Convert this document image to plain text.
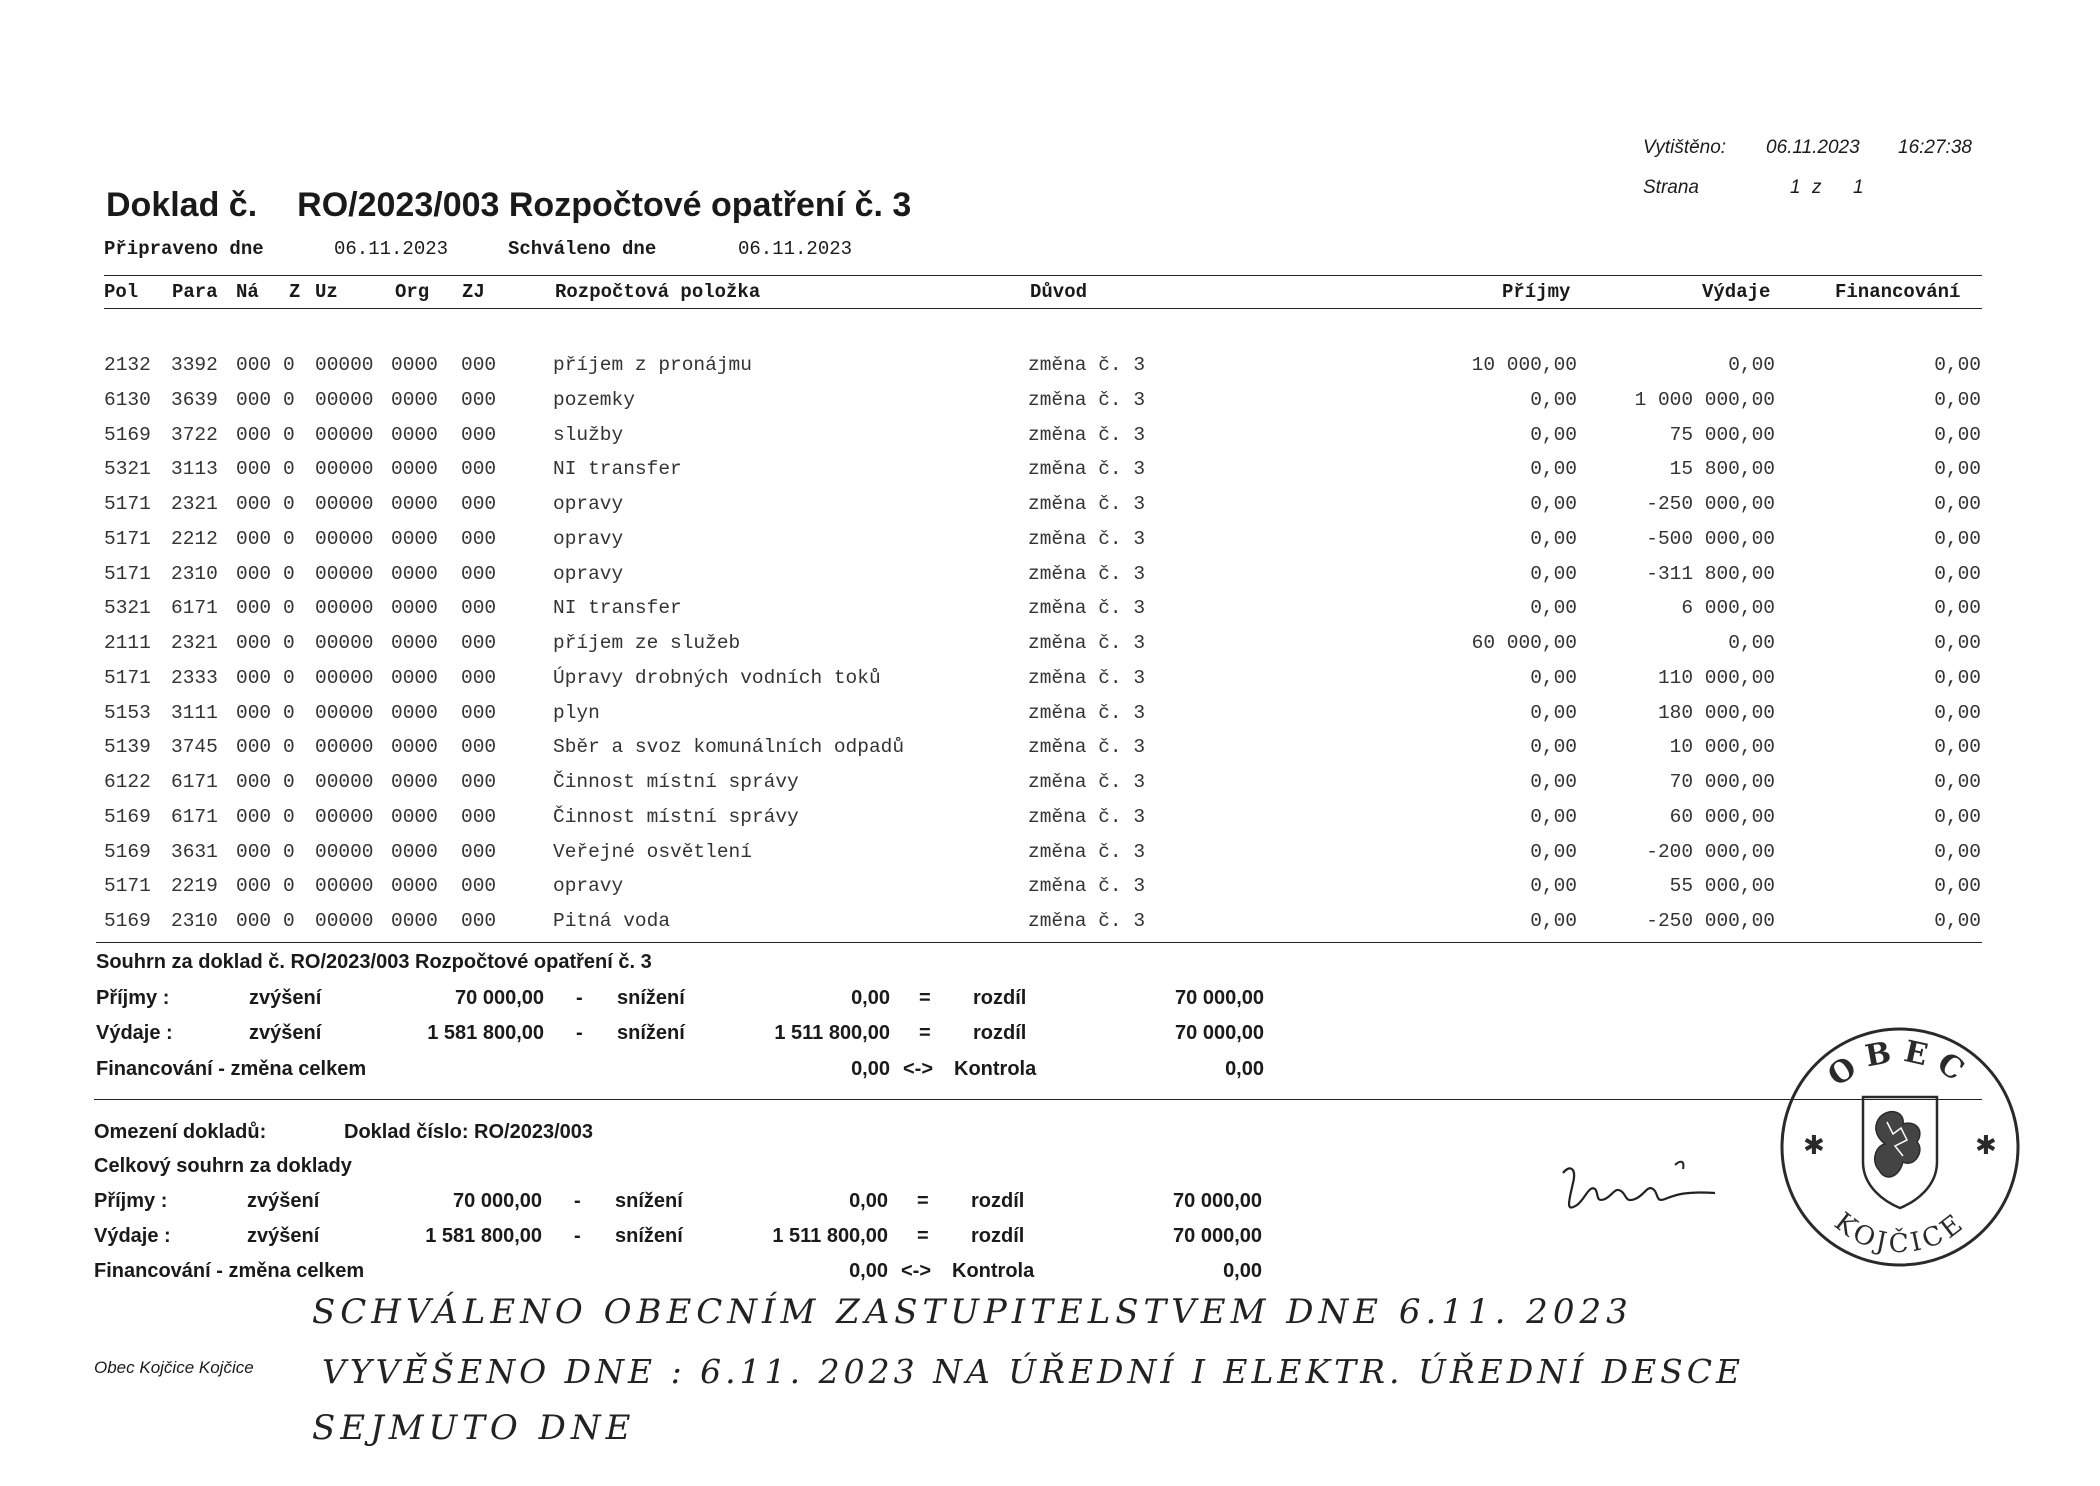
Vytištěno: 06.11.2023 16:27:38
Strana	1 z 1
Doklad č. RO/2023/003 Rozpočtové opatření č. 3
Připraveno dne	06.11.2023	Schváleno dne	06.11.2023
Pol Para Ná Z Uz	Org ZJ	Rozpočtová položka	Důvod	Příjmy	Výdaje	Financování
2132 3392 000 0 00000 0000 000	příjem z pronájmu	změna č. 3	10 000,00	0,00	0,00
6130 3639 000 0 00000 0000 000	pozemky	změna č. 3	0,00	1 000 000,00	0,00
5169 3722 000 0 00000 0000 000	služby	změna č. 3	0,00	75 000,00	0,00
5321 3113 000 0 00000 0000 000	NI transfer	změna č. 3	0,00	15 800,00	0,00
5171 2321 000 0 00000 0000 000	opravy	změna č. 3	0,00	-250 000,00	0,00
5171 2212 000 0 00000 0000 000	opravy	změna č. 3	0,00	-500 000,00	0,00
5171 2310 000 0 00000 0000 000	opravy	změna č. 3	0,00	-311 800,00	0,00
5321 6171 000 0 00000 0000 000	NI transfer	změna č. 3	0,00	6 000,00	0,00
2111 2321 000 0 00000 0000 000	příjem ze služeb	změna č. 3	60 000,00	0,00	0,00
5171 2333 000 0 00000 0000 000	Úpravy drobných vodních toků	změna č. 3	0,00	110 000,00	0,00
5153 3111 000 0 00000 0000 000	plyn	změna č. 3	0,00	180 000,00	0,00
5139 3745 000 0 00000 0000 000	Sběr a svoz komunálních odpadů	změna č. 3	0,00	10 000,00	0,00
6122 6171 000 0 00000 0000 000	Činnost místní správy	změna č. 3	0,00	70 000,00	0,00
5169 6171 000 0 00000 0000 000	Činnost místní správy	změna č. 3	0,00	60 000,00	0,00
5169 3631 000 0 00000 0000 000	Veřejné osvětlení	změna č. 3	0,00	-200 000,00	0,00
5171 2219 000 0 00000 0000 000	opravy	změna č. 3	0,00	55 000,00	0,00
5169 2310 000 0 00000 0000 000	Pitná voda	změna č. 3	0,00	-250 000,00	0,00
Souhrn za doklad č. RO/2023/003 Rozpočtové opatření č. 3
Příjmy :	zvýšení	70 000,00 - snížení	0,00 = rozdíl	70 000,00
Výdaje :	zvýšení	1 581 800,00 - snížení	1 511 800,00 = rozdíl	70 000,00
Financování - změna celkem	0,00 <-> Kontrola	0,00
Omezení dokladů:	Doklad číslo: RO/2023/003
Celkový souhrn za doklady
Příjmy :	zvýšení	70 000,00 - snížení	0,00 = rozdíl	70 000,00
Výdaje :	zvýšení	1 581 800,00 - snížení	1 511 800,00 = rozdíl	70 000,00
Financování - změna celkem	0,00 <-> Kontrola	0,00
Obec Kojčice Kojčice
SCHVÁLENO OBECNÍM ZASTUPITELSTVEM DNE 6.11. 2023
VYVĚŠENO DNE : 6.11. 2023 NA ÚŘEDNÍ I ELEKTR. ÚŘEDNÍ DESCE
SEJMUTO DNE
OBEC
KOJČICE
✱	✱
